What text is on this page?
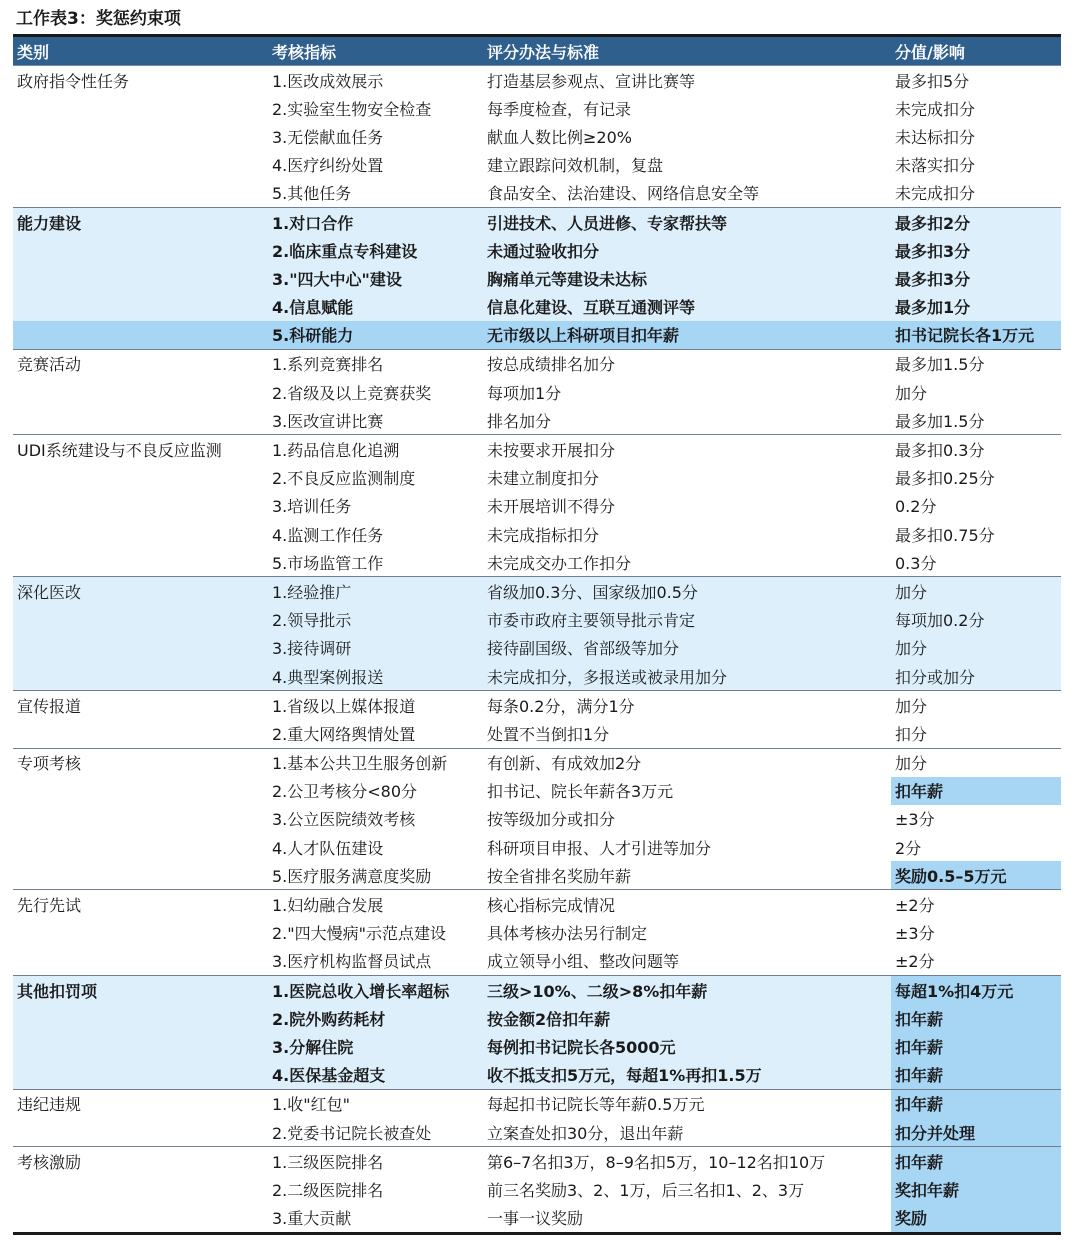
工作表3：奖惩约束项
类别	考核指标	评分办法与标准	分值/影响
政府指令性任务	1.医改成效展示	打造基层参观点、宣讲比赛等	最多扣5分
	2.实验室生物安全检查	每季度检查，有记录	未完成扣分
	3.无偿献血任务	献血人数比例≥20%	未达标扣分
	4.医疗纠纷处置	建立跟踪问效机制，复盘	未落实扣分
	5.其他任务	食品安全、法治建设、网络信息安全等	未完成扣分
能力建设	1.对口合作	引进技术、人员进修、专家帮扶等	最多扣2分
	2.临床重点专科建设	未通过验收扣分	最多扣3分
	3."四大中心"建设	胸痛单元等建设未达标	最多扣3分
	4.信息赋能	信息化建设、互联互通测评等	最多加1分
	5.科研能力	无市级以上科研项目扣年薪	扣书记院长各1万元
竞赛活动	1.系列竞赛排名	按总成绩排名加分	最多加1.5分
	2.省级及以上竞赛获奖	每项加1分	加分
	3.医改宣讲比赛	排名加分	最多加1.5分
UDI系统建设与不良反应监测	1.药品信息化追溯	未按要求开展扣分	最多扣0.3分
	2.不良反应监测制度	未建立制度扣分	最多扣0.25分
	3.培训任务	未开展培训不得分	0.2分
	4.监测工作任务	未完成指标扣分	最多扣0.75分
	5.市场监管工作	未完成交办工作扣分	0.3分
深化医改	1.经验推广	省级加0.3分、国家级加0.5分	加分
	2.领导批示	市委市政府主要领导批示肯定	每项加0.2分
	3.接待调研	接待副国级、省部级等加分	加分
	4.典型案例报送	未完成扣分，多报送或被录用加分	扣分或加分
宣传报道	1.省级以上媒体报道	每条0.2分，满分1分	加分
	2.重大网络舆情处置	处置不当倒扣1分	扣分
专项考核	1.基本公共卫生服务创新	有创新、有成效加2分	加分
	2.公卫考核分<80分	扣书记、院长年薪各3万元	扣年薪
	3.公立医院绩效考核	按等级加分或扣分	±3分
	4.人才队伍建设	科研项目申报、人才引进等加分	2分
	5.医疗服务满意度奖励	按全省排名奖励年薪	奖励0.5–5万元
先行先试	1.妇幼融合发展	核心指标完成情况	±2分
	2."四大慢病"示范点建设	具体考核办法另行制定	±3分
	3.医疗机构监督员试点	成立领导小组、整改问题等	±2分
其他扣罚项	1.医院总收入增长率超标	三级>10%、二级>8%扣年薪	每超1%扣4万元
	2.院外购药耗材	按金额2倍扣年薪	扣年薪
	3.分解住院	每例扣书记院长各5000元	扣年薪
	4.医保基金超支	收不抵支扣5万元，每超1%再扣1.5万	扣年薪
违纪违规	1.收"红包"	每起扣书记院长等年薪0.5万元	扣年薪
	2.党委书记院长被查处	立案查处扣30分，退出年薪	扣分并处理
考核激励	1.三级医院排名	第6–7名扣3万，8–9名扣5万，10–12名扣10万	扣年薪
	2.二级医院排名	前三名奖励3、2、1万，后三名扣1、2、3万	奖扣年薪
	3.重大贡献	一事一议奖励	奖励
